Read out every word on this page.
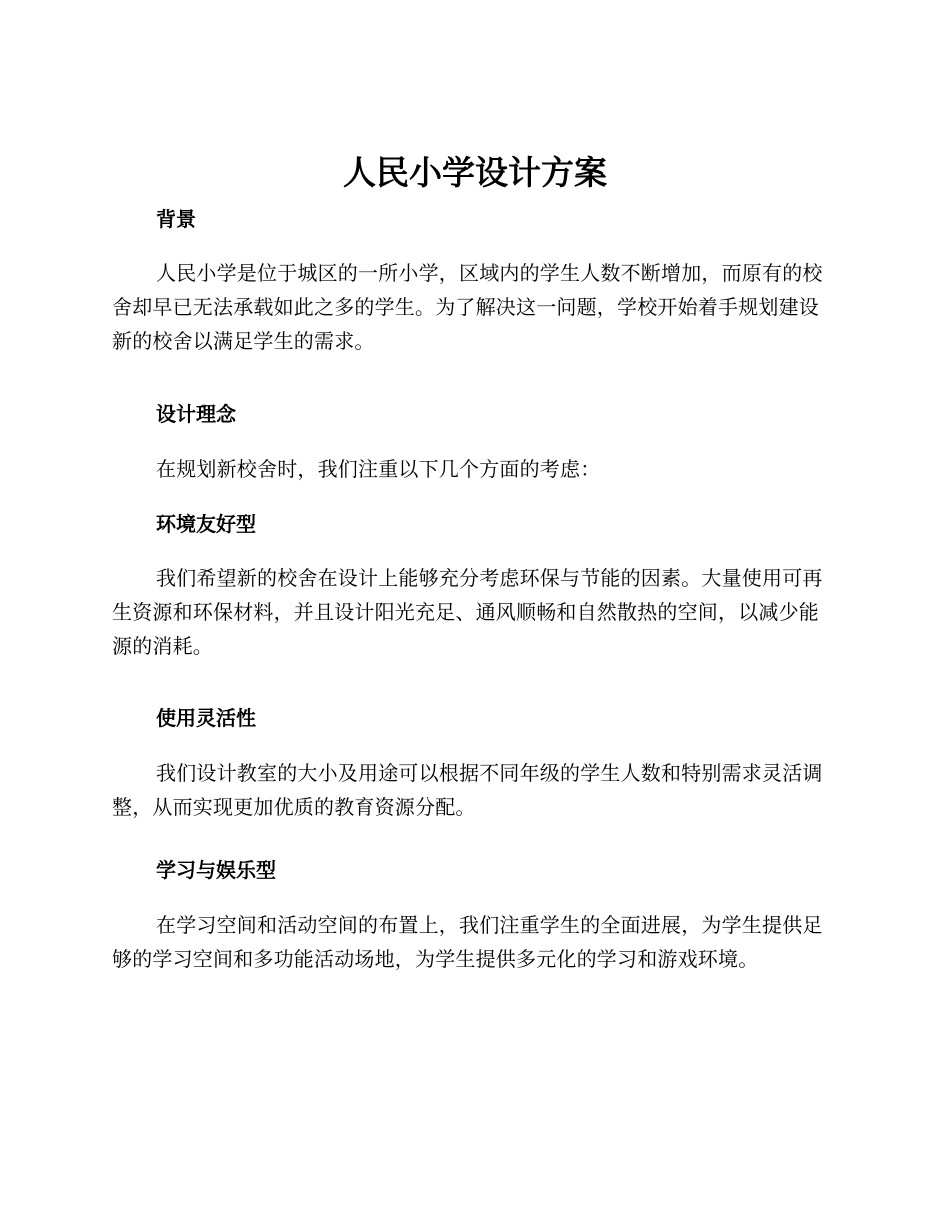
人民小学设计方案
背景

人民小学是位于城区的一所小学，区域内的学生人数不断增加，而原有的校舍却早已无法承载如此之多的学生。为了解决这一问题，学校开始着手规划建设新的校舍以满足学生的需求。

设计理念

在规划新校舍时，我们注重以下几个方面的考虑：

环境友好型

我们希望新的校舍在设计上能够充分考虑环保与节能的因素。大量使用可再生资源和环保材料，并且设计阳光充足、通风顺畅和自然散热的空间，以减少能源的消耗。

使用灵活性

我们设计教室的大小及用途可以根据不同年级的学生人数和特别需求灵活调整，从而实现更加优质的教育资源分配。

学习与娱乐型

在学习空间和活动空间的布置上，我们注重学生的全面进展，为学生提供足够的学习空间和多功能活动场地，为学生提供多元化的学习和游戏环境。
